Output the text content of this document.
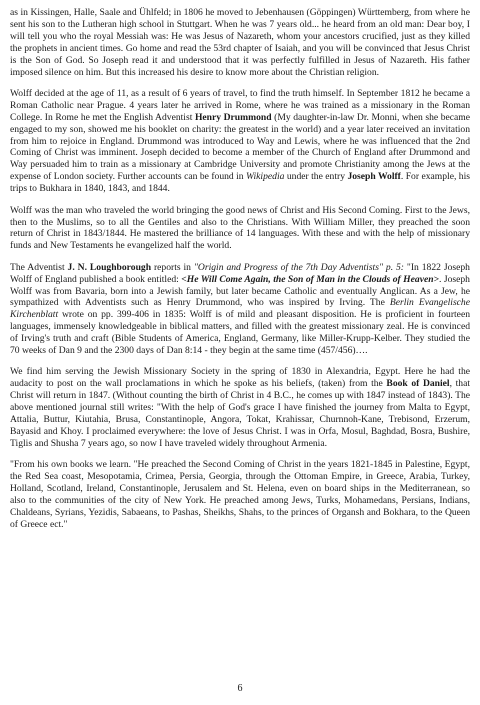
as in Kissingen, Halle, Saale and Ühlfeld; in 1806 he moved to Jebenhausen (Göppingen) Württemberg, from where he sent his son to the Lutheran high school in Stuttgart. When he was 7 years old... he heard from an old man: Dear boy, I will tell you who the royal Messiah was: He was Jesus of Nazareth, whom your ancestors crucified, just as they killed the prophets in ancient times. Go home and read the 53rd chapter of Isaiah, and you will be convinced that Jesus Christ is the Son of God. So Joseph read it and understood that it was perfectly fulfilled in Jesus of Nazareth. His father imposed silence on him. But this increased his desire to know more about the Christian religion.

Wolff decided at the age of 11, as a result of 6 years of travel, to find the truth himself. In September 1812 he became a Roman Catholic near Prague. 4 years later he arrived in Rome, where he was trained as a missionary in the Roman College. In Rome he met the English Adventist Henry Drummond (My daughter-in-law Dr. Monni, when she became engaged to my son, showed me his booklet on charity: the greatest in the world) and a year later received an invitation from him to rejoice in England. Drummond was introduced to Way and Lewis, where he was influenced that the 2nd Coming of Christ was imminent. Joseph decided to become a member of the Church of England after Drummond and Way persuaded him to train as a missionary at Cambridge University and promote Christianity among the Jews at the expense of London society. Further accounts can be found in Wikipedia under the entry Joseph Wolff. For example, his trips to Bukhara in 1840, 1843, and 1844.

Wolff was the man who traveled the world bringing the good news of Christ and His Second Coming. First to the Jews, then to the Muslims, so to all the Gentiles and also to the Christians. With William Miller, they preached the soon return of Christ in 1843/1844. He mastered the brilliance of 14 languages. With these and with the help of missionary funds and New Testaments he evangelized half the world.

The Adventist J. N. Loughborough reports in "Origin and Progress of the 7th Day Adventists" p. 5: "In 1822 Joseph Wolff of England published a book entitled: <He Will Come Again, the Son of Man in the Clouds of Heaven>. Joseph Wolff was from Bavaria, born into a Jewish family, but later became Catholic and eventually Anglican. As a Jew, he sympathized with Adventists such as Henry Drummond, who was inspired by Irving. The Berlin Evangelische Kirchenblatt wrote on pp. 399-406 in 1835: Wolff is of mild and pleasant disposition. He is proficient in fourteen languages, immensely knowledgeable in biblical matters, and filled with the greatest missionary zeal. He is convinced of Irving's truth and craft (Bible Students of America, England, Germany, like Miller-Krupp-Kelber. They studied the 70 weeks of Dan 9 and the 2300 days of Dan 8:14 - they begin at the same time (457/456)….

We find him serving the Jewish Missionary Society in the spring of 1830 in Alexandria, Egypt. Here he had the audacity to post on the wall proclamations in which he spoke as his beliefs, (taken) from the Book of Daniel, that Christ will return in 1847. (Without counting the birth of Christ in 4 B.C., he comes up with 1847 instead of 1843). The above mentioned journal still writes: "With the help of God's grace I have finished the journey from Malta to Egypt, Attalia, Buttur, Kiutahia, Brusa, Constantinople, Angora, Tokat, Krahissar, Churnnoh-Kane, Trebisond, Erzerum, Bayasid and Khoy. I proclaimed everywhere: the love of Jesus Christ. I was in Orfa, Mosul, Baghdad, Bosra, Bushire, Tiglis and Shusha 7 years ago, so now I have traveled widely throughout Armenia.

"From his own books we learn. "He preached the Second Coming of Christ in the years 1821-1845 in Palestine, Egypt, the Red Sea coast, Mesopotamia, Crimea, Persia, Georgia, through the Ottoman Empire, in Greece, Arabia, Turkey, Holland, Scotland, Ireland, Constantinople, Jerusalem and St. Helena, even on board ships in the Mediterranean, so also to the communities of the city of New York. He preached among Jews, Turks, Mohamedans, Persians, Indians, Chaldeans, Syrians, Yezidis, Sabaeans, to Pashas, Sheikhs, Shahs, to the princes of Organsh and Bokhara, to the Queen of Greece ect."

6
